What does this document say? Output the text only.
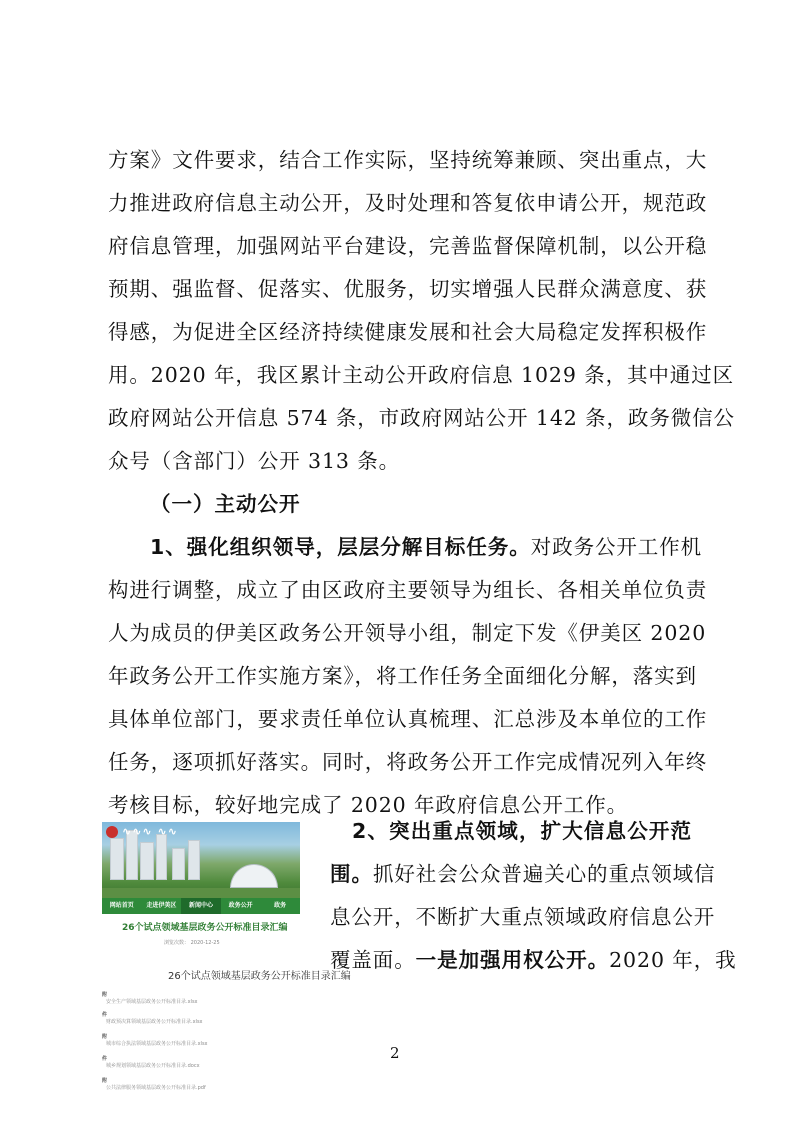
方案》文件要求，结合工作实际，坚持统筹兼顾、突出重点，大
力推进政府信息主动公开，及时处理和答复依申请公开，规范政
府信息管理，加强网站平台建设，完善监督保障机制，以公开稳
预期、强监督、促落实、优服务，切实增强人民群众满意度、获
得感，为促进全区经济持续健康发展和社会大局稳定发挥积极作
用。2020 年，我区累计主动公开政府信息 1029 条，其中通过区
政府网站公开信息 574 条，市政府网站公开 142 条，政务微信公
众号（含部门）公开 313 条。
（一）主动公开
1、强化组织领导，层层分解目标任务。对政务公开工作机
构进行调整，成立了由区政府主要领导为组长、各相关单位负责
人为成员的伊美区政务公开领导小组，制定下发《伊美区 2020
年政务公开工作实施方案》，将工作任务全面细化分解，落实到
具体单位部门，要求责任单位认真梳理、汇总涉及本单位的工作
任务，逐项抓好落实。同时，将政务公开工作完成情况列入年终
考核目标，较好地完成了 2020 年政府信息公开工作。
2、突出重点领域，扩大信息公开范
围。抓好社会公众普遍关心的重点领域信
息公开，不断扩大重点领域政府信息公开
覆盖面。一是加强用权公开。2020 年，我
∿∿∿ ∿∿
网站首页	走进伊美区	新闻中心	政务公开	政务
26个试点领域基层政务公开标准目录汇编
浏览次数： 2020-12-25
26个试点领域基层政务公开标准目录汇编
附
安全生产领域基层政务公开标准目录.xlsx
件
财政预决算领域基层政务公开标准目录.xlsx
附
城市综合执法领域基层政务公开标准目录.xlsx
件
城乡规划领域基层政务公开标准目录.docx
附
公共法律服务领域基层政务公开标准目录.pdf
2
